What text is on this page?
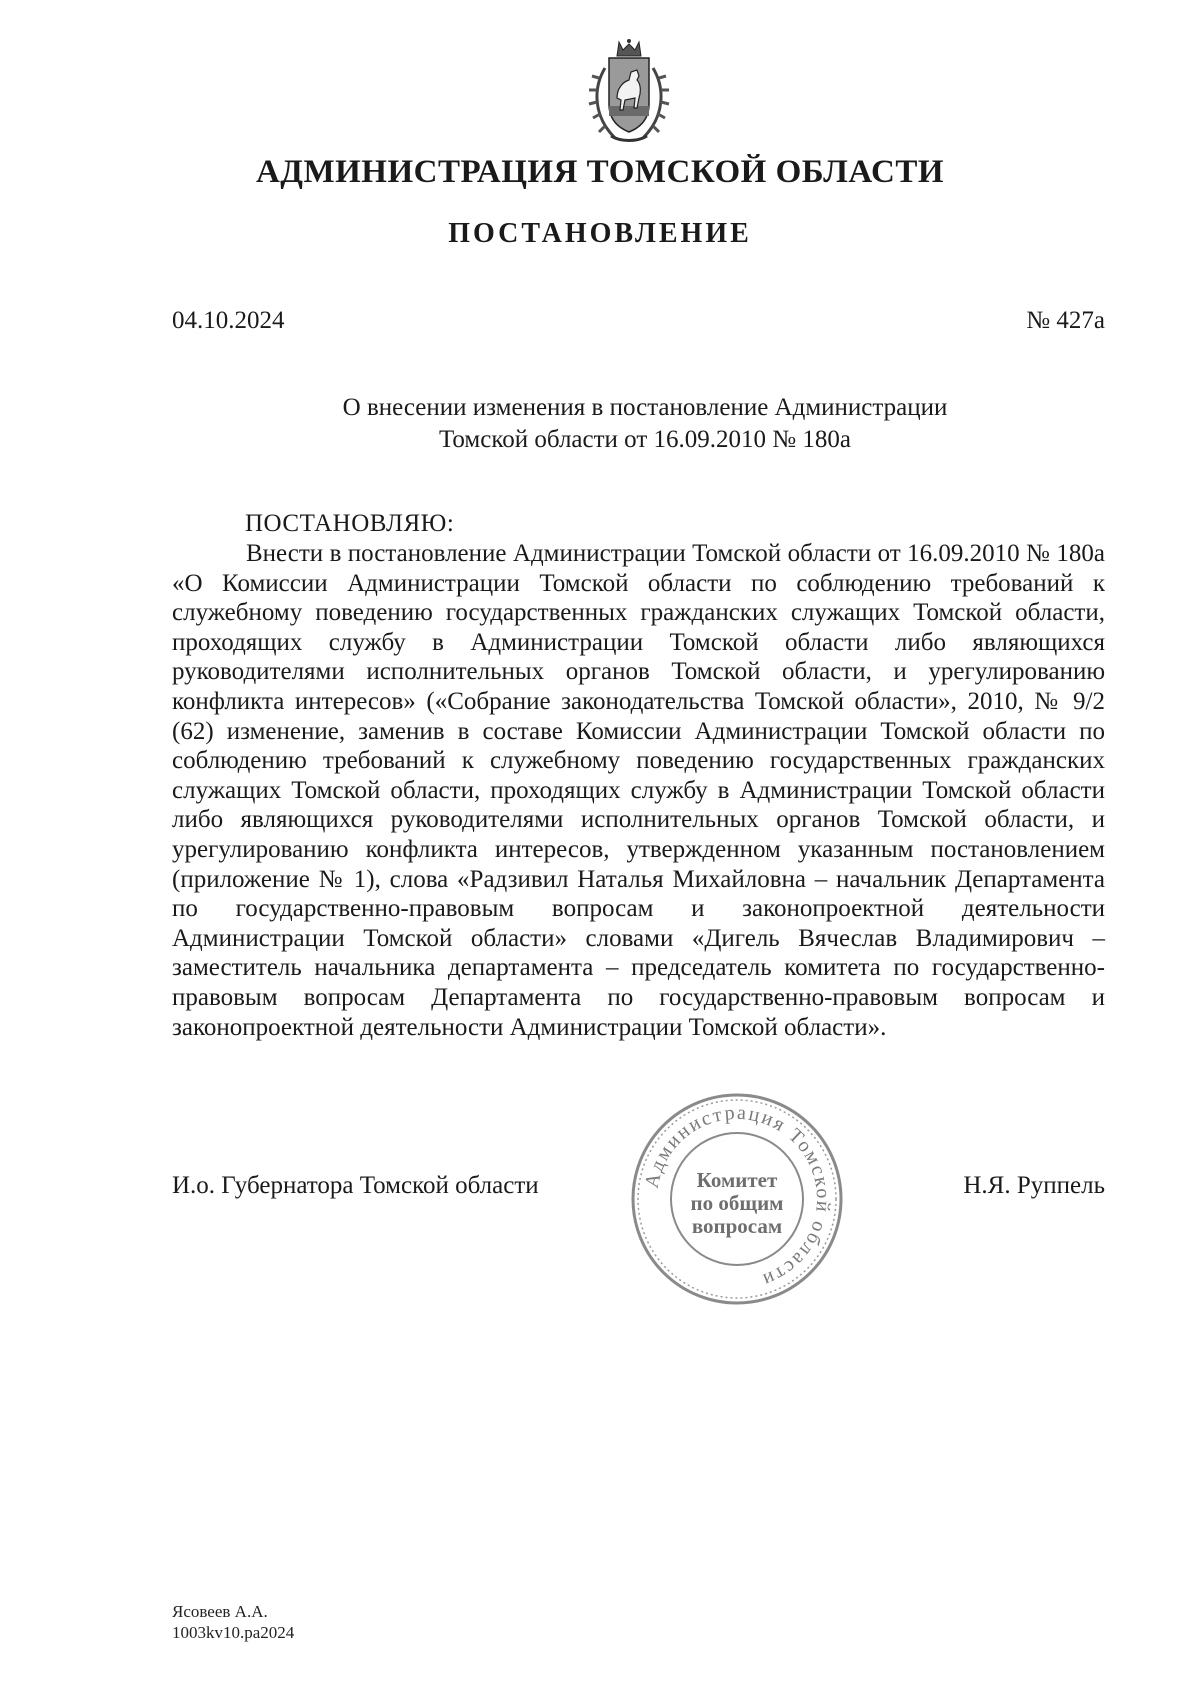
АДМИНИСТРАЦИЯ ТОМСКОЙ ОБЛАСТИ
ПОСТАНОВЛЕНИЕ
04.10.2024	№ 427а
О внесении изменения в постановление Администрации
Томской области от 16.09.2010 № 180а
ПОСТАНОВЛЯЮ:

Внести в постановление Администрации Томской области от 16.09.2010 № 180а «О Комиссии Администрации Томской области по соблюдению требований к служебному поведению государственных гражданских служащих Томской области, проходящих службу в Администрации Томской области либо являющихся руководителями исполнительных органов Томской области, и урегулированию конфликта интересов» («Собрание законодательства Томской области», 2010, № 9/2 (62) изменение, заменив в составе Комиссии Администрации Томской области по соблюдению требований к служебному поведению государственных гражданских служащих Томской области, проходящих службу в Администрации Томской области либо являющихся руководителями исполнительных органов Томской области, и урегулированию конфликта интересов, утвержденном указанным постановлением (приложение № 1), слова «Радзивил Наталья Михайловна – начальник Департамента по государственно-правовым вопросам и законопроектной деятельности Администрации Томской области» словами «Дигель Вячеслав Владимирович – заместитель начальника департамента – председатель комитета по государственно-правовым вопросам Департамента по государственно-правовым вопросам и законопроектной деятельности Администрации Томской области».

И.о. Губернатора Томской области	Н.Я. Руппель
Администрация Томской области
Комитет
по общим
вопросам
Ясовеев А.А.
1003kv10.pa2024
